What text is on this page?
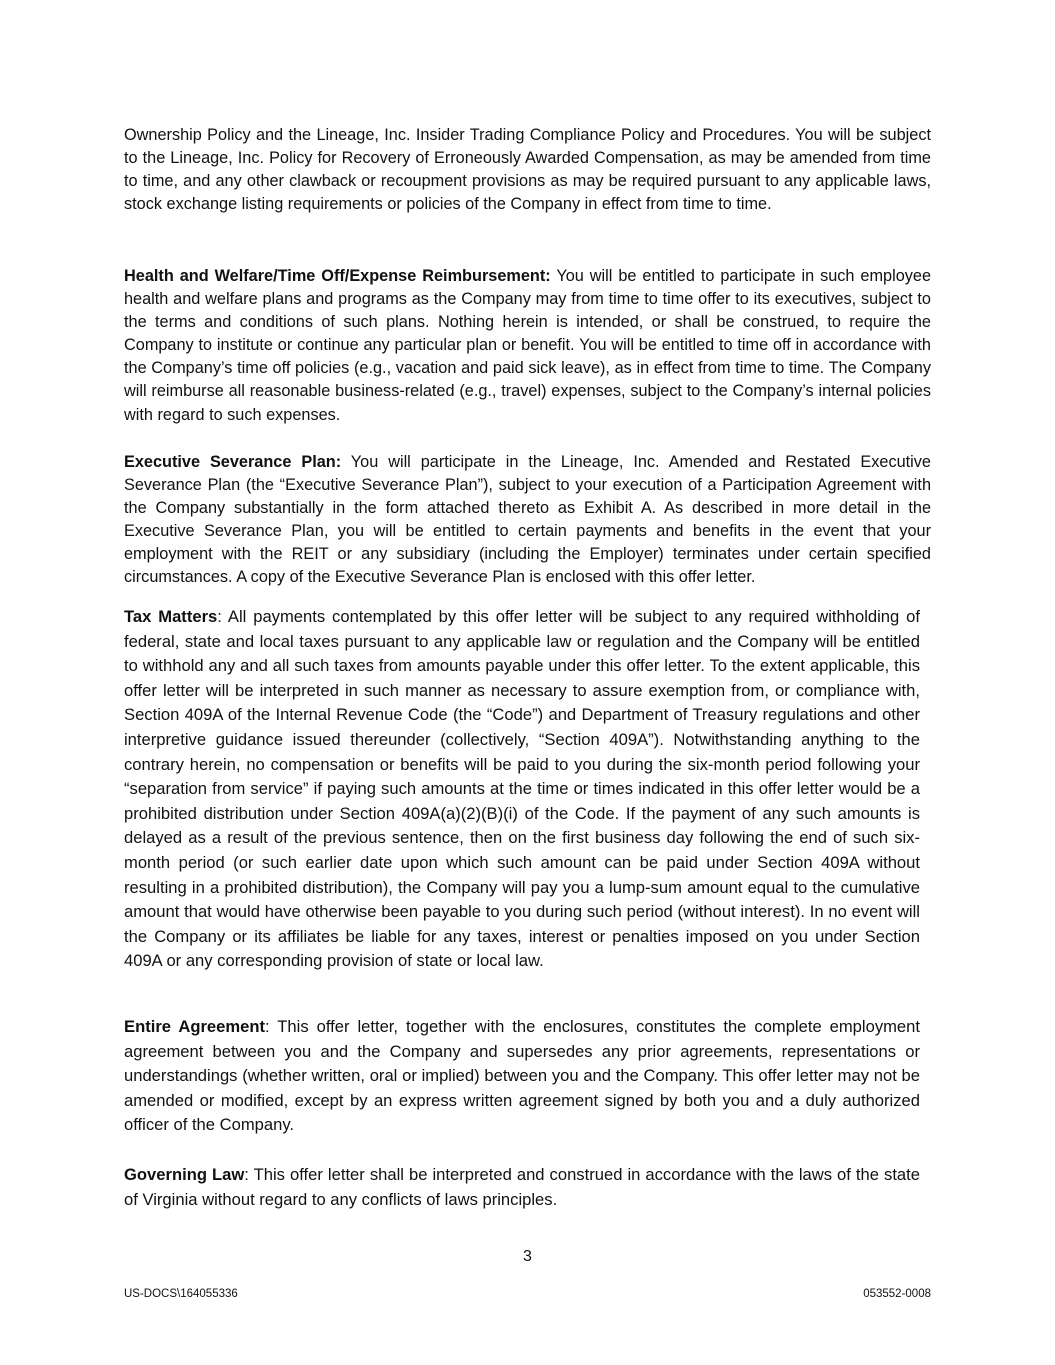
Ownership Policy and the Lineage, Inc. Insider Trading Compliance Policy and Procedures. You will be subject to the Lineage, Inc. Policy for Recovery of Erroneously Awarded Compensation, as may be amended from time to time, and any other clawback or recoupment provisions as may be required pursuant to any applicable laws, stock exchange listing requirements or policies of the Company in effect from time to time.

Health and Welfare/Time Off/Expense Reimbursement: You will be entitled to participate in such employee health and welfare plans and programs as the Company may from time to time offer to its executives, subject to the terms and conditions of such plans. Nothing herein is intended, or shall be construed, to require the Company to institute or continue any particular plan or benefit. You will be entitled to time off in accordance with the Company’s time off policies (e.g., vacation and paid sick leave), as in effect from time to time. The Company will reimburse all reasonable business-related (e.g., travel) expenses, subject to the Company’s internal policies with regard to such expenses.

Executive Severance Plan: You will participate in the Lineage, Inc. Amended and Restated Executive Severance Plan (the “Executive Severance Plan”), subject to your execution of a Participation Agreement with the Company substantially in the form attached thereto as Exhibit A. As described in more detail in the Executive Severance Plan, you will be entitled to certain payments and benefits in the event that your employment with the REIT or any subsidiary (including the Employer) terminates under certain specified circumstances. A copy of the Executive Severance Plan is enclosed with this offer letter.

Tax Matters: All payments contemplated by this offer letter will be subject to any required withholding of federal, state and local taxes pursuant to any applicable law or regulation and the Company will be entitled to withhold any and all such taxes from amounts payable under this offer letter. To the extent applicable, this offer letter will be interpreted in such manner as necessary to assure exemption from, or compliance with, Section 409A of the Internal Revenue Code (the “Code”) and Department of Treasury regulations and other interpretive guidance issued thereunder (collectively, “Section 409A”). Notwithstanding anything to the contrary herein, no compensation or benefits will be paid to you during the six-month period following your “separation from service” if paying such amounts at the time or times indicated in this offer letter would be a prohibited distribution under Section 409A(a)(2)(B)(i) of the Code. If the payment of any such amounts is delayed as a result of the previous sentence, then on the first business day following the end of such six-month period (or such earlier date upon which such amount can be paid under Section 409A without resulting in a prohibited distribution), the Company will pay you a lump-sum amount equal to the cumulative amount that would have otherwise been payable to you during such period (without interest). In no event will the Company or its affiliates be liable for any taxes, interest or penalties imposed on you under Section 409A or any corresponding provision of state or local law.

Entire Agreement: This offer letter, together with the enclosures, constitutes the complete employment agreement between you and the Company and supersedes any prior agreements, representations or understandings (whether written, oral or implied) between you and the Company. This offer letter may not be amended or modified, except by an express written agreement signed by both you and a duly authorized officer of the Company.

Governing Law: This offer letter shall be interpreted and construed in accordance with the laws of the state of Virginia without regard to any conflicts of laws principles.

3
US-DOCS\164055336	053552-0008
